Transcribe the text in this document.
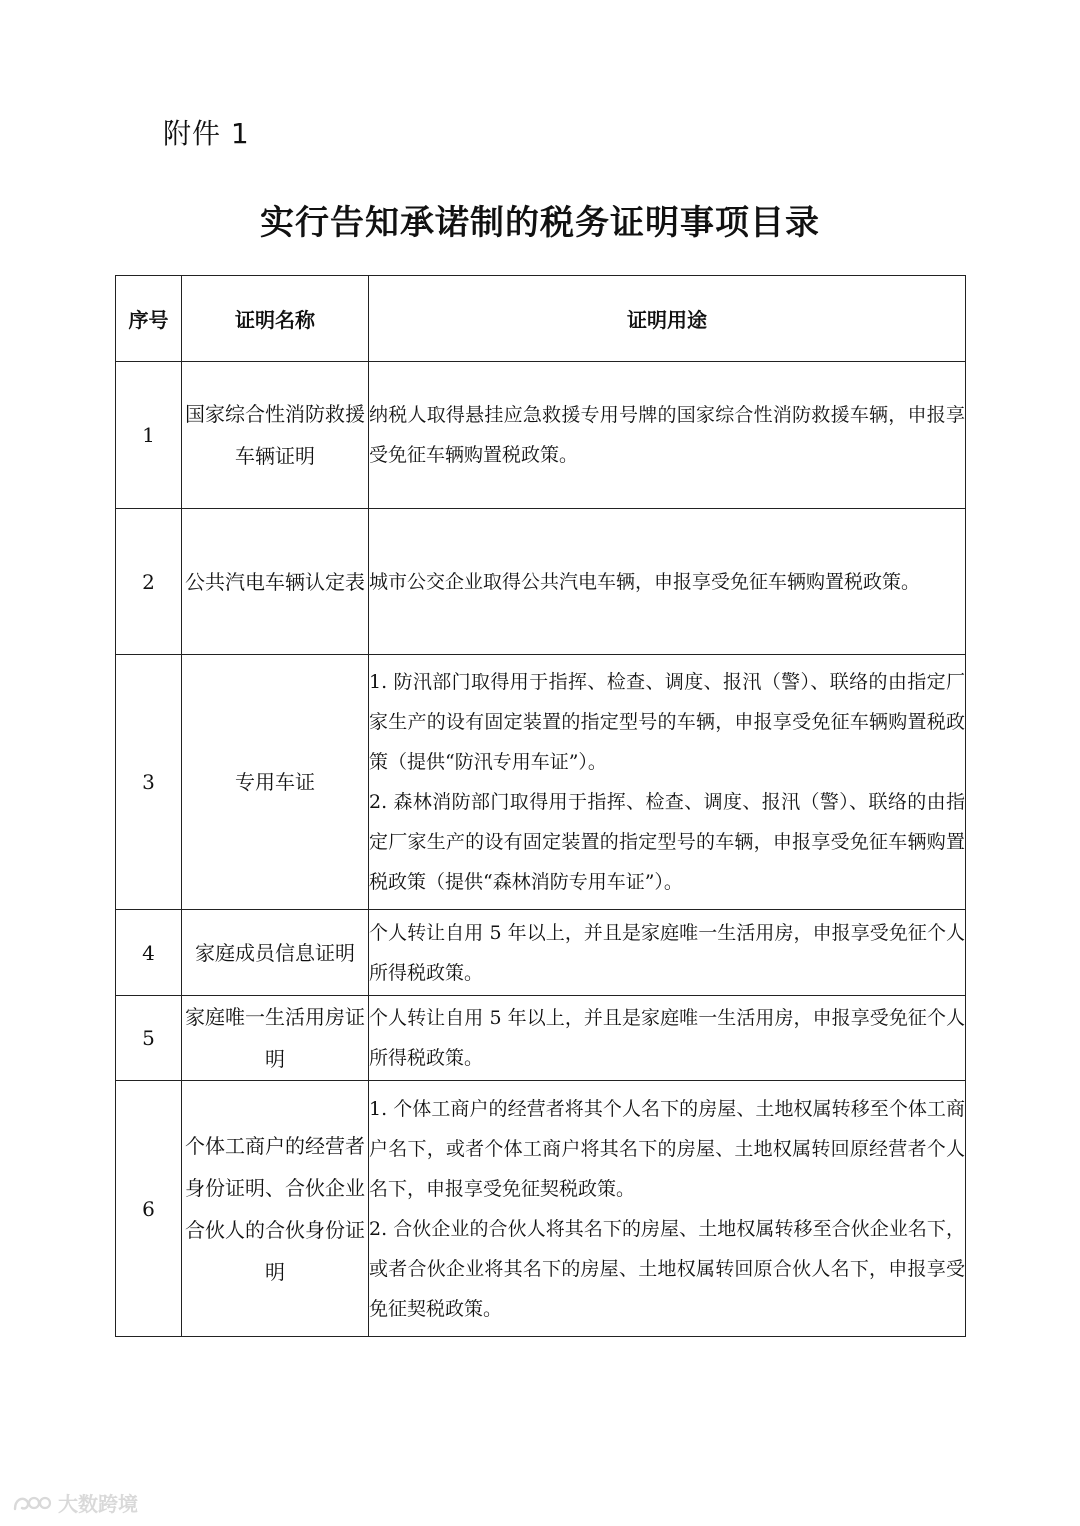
附件 1
实行告知承诺制的税务证明事项目录
序号	证明名称	证明用途
1	国家综合性消防救援车辆证明	纳税人取得悬挂应急救援专用号牌的国家综合性消防救援车辆，申报享受免征车辆购置税政策。

2	公共汽电车辆认定表	城市公交企业取得公共汽电车辆，申报享受免征车辆购置税政策。

3	专用车证	1. 防汛部门取得用于指挥、检查、调度、报汛（警）、联络的由指定厂家生产的设有固定装置的指定型号的车辆，申报享受免征车辆购置税政策（提供“防汛专用车证”）。
2. 森林消防部门取得用于指挥、检查、调度、报汛（警）、联络的由指定厂家生产的设有固定装置的指定型号的车辆，申报享受免征车辆购置税政策（提供“森林消防专用车证”）。

4	家庭成员信息证明	个人转让自用 5 年以上，并且是家庭唯一生活用房，申报享受免征个人所得税政策。

5	家庭唯一生活用房证明	个人转让自用 5 年以上，并且是家庭唯一生活用房，申报享受免征个人所得税政策。

6	个体工商户的经营者身份证明、合伙企业合伙人的合伙身份证明	1. 个体工商户的经营者将其个人名下的房屋、土地权属转移至个体工商户名下，或者个体工商户将其名下的房屋、土地权属转回原经营者个人名下，申报享受免征契税政策。
2. 合伙企业的合伙人将其名下的房屋、土地权属转移至合伙企业名下，或者合伙企业将其名下的房屋、土地权属转回原合伙人名下，申报享受免征契税政策。
大数跨境
